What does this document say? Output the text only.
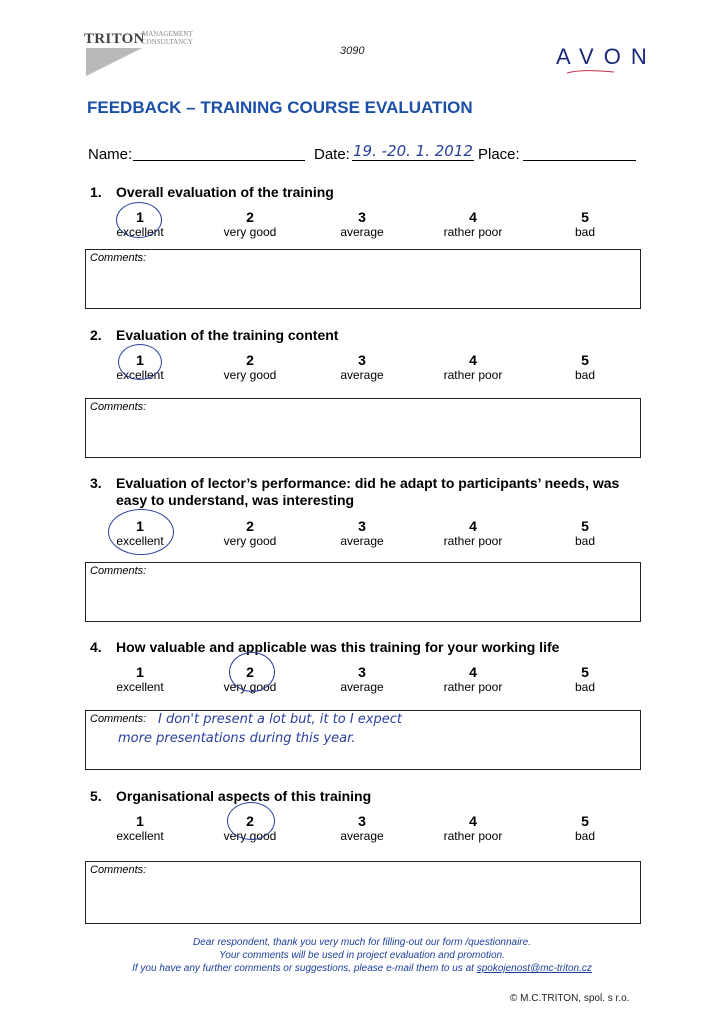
TRITON
MANAGEMENT
CONSULTANCY
3090	AVON
FEEDBACK – TRAINING COURSE EVALUATION
Name:	Date: 19. -20. 1. 2012 Place:
1. Overall evaluation of the training
1
excellent
2
very good
3
average
4
rather poor
5
bad
Comments:
2. Evaluation of the training content
1
excellent
2
very good
3
average
4
rather poor
5
bad
Comments:
3. Evaluation of lector’s performance: did he adapt to participants’ needs, was easy to understand, was interesting
1
excellent
2
very good
3
average
4
rather poor
5
bad
Comments:
4. How valuable and applicable was this training for your working life
1
excellent
2
very good
3
average
4
rather poor
5
bad
Comments: I don't present a lot but, it to I expect
more presentations during this year.
5. Organisational aspects of this training
1
excellent
2
very good
3
average
4
rather poor
5
bad
Comments:
Dear respondent, thank you very much for filling-out our form /questionnaire.
Your comments will be used in project evaluation and promotion.
If you have any further comments or suggestions, please e-mail them to us at spokojenost@mc-triton.cz
© M.C.TRITON, spol. s r.o.
